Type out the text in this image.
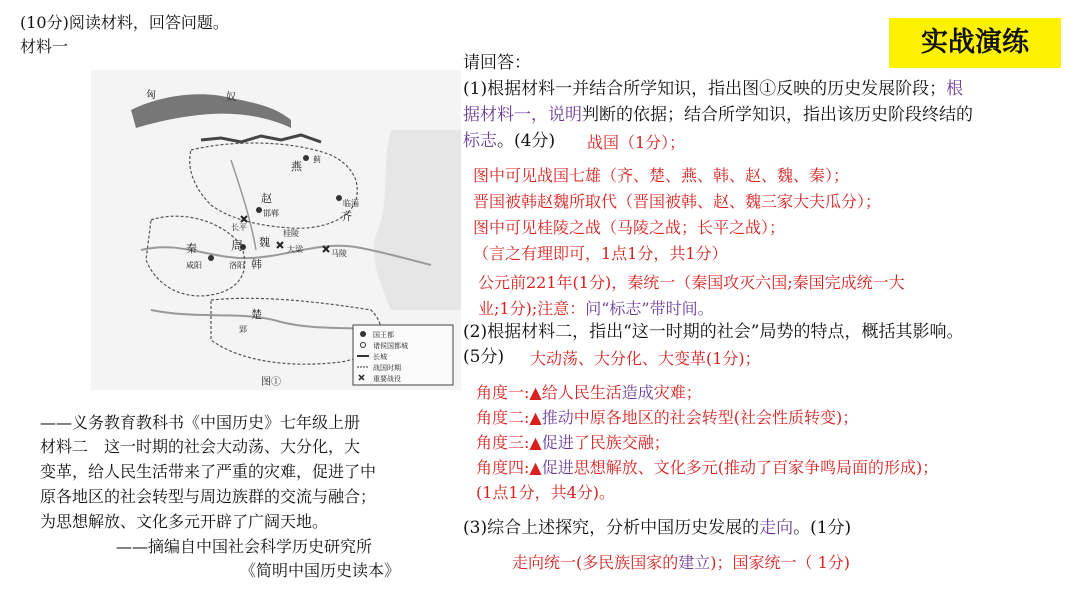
(10分)阅读材料，回答问题。
材料一
匈	奴
燕
蓟
赵
邯郸
长平
临淄
齐
秦
咸阳
周
洛阳
魏
韩
桂陵
大梁	马陵
楚
郢
国王都
诸侯国都城
长城
战国时期
重要战役
图①
——义务教育教科书《中国历史》七年级上册
材料二　这一时期的社会大动荡、大分化，大
变革，给人民生活带来了严重的灾难，促进了中
原各地区的社会转型与周边族群的交流与融合；
为思想解放、文化多元开辟了广阔天地。
——摘编自中国社会科学历史研究所
《简明中国历史读本》
实战演练
请回答：
(1)根据材料一并结合所学知识，指出图①反映的历史发展阶段；根
据材料一，说明判断的依据；结合所学知识，指出该历史阶段终结的
标志。(4分) 战国（1分）；
图中可见战国七雄（齐、楚、燕、韩、赵、魏、秦）；
晋国被韩赵魏所取代（晋国被韩、赵、魏三家大夫瓜分）；
图中可见桂陵之战（马陵之战；长平之战）；
（言之有理即可，1点1分，共1分）
公元前221年(1分)，秦统一（秦国攻灭六国;秦国完成统一大
业;1分);注意：问“标志”带时间。
(2)根据材料二，指出“这一时期的社会”局势的特点，概括其影响。
(5分) 大动荡、大分化、大变革(1分)；
角度一:▲给人民生活造成灾难；
角度二:▲推动中原各地区的社会转型(社会性质转变)；
角度三:▲促进了民族交融；
角度四:▲促进思想解放、文化多元(推动了百家争鸣局面的形成)；
(1点1分，共4分)。
(3)综合上述探究，分析中国历史发展的走向。(1分)
走向统一(多民族国家的建立)；国家统一（ 1分)
